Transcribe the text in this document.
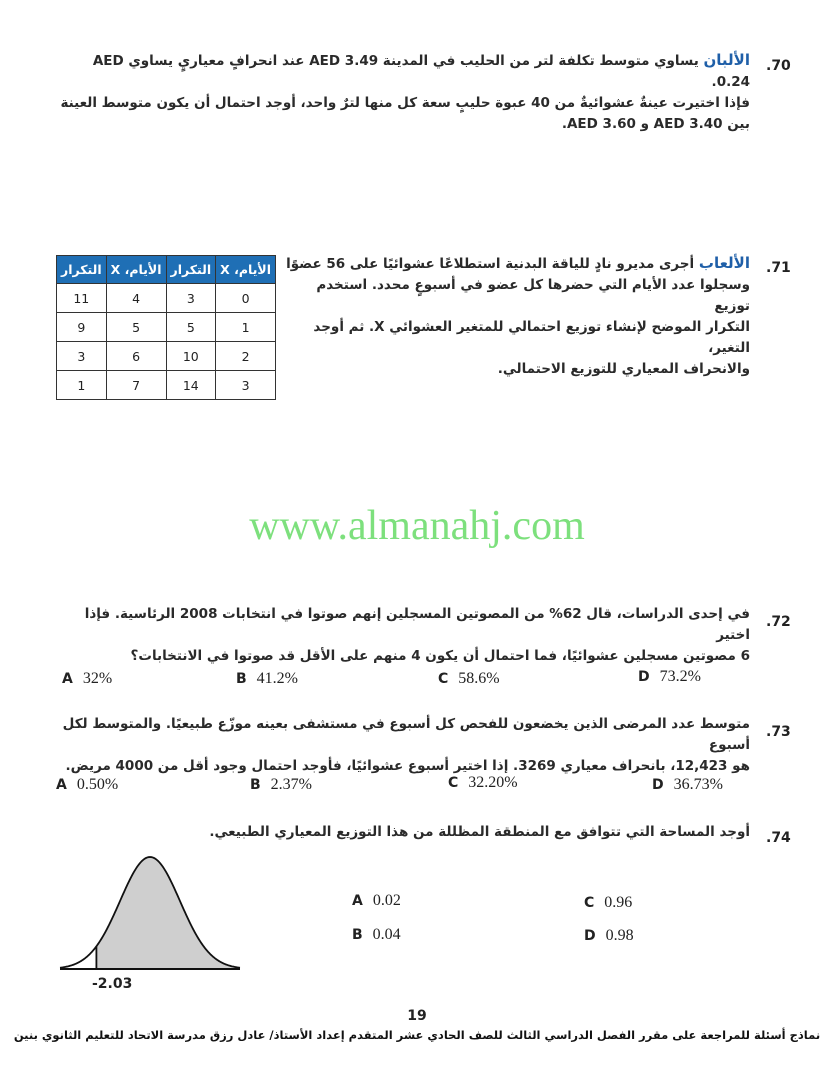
.70
الألبان يساوي متوسط تكلفة لتر من الحليب في المدينة AED 3.49 عند انحرافٍ معياريٍ يساوي AED 0.24.
فإذا اختيرت عينةٌ عشوائيةٌ من 40 عبوة حليبٍ سعة كل منها لترٌ واحد، أوجد احتمال أن يكون متوسط العينة
بين AED 3.40 و AED 3.60.
.71
الألعاب أجرى مديرو نادٍ للياقة البدنية استطلاعًا عشوائيًا على 56 عضوًا
وسجلوا عدد الأيام التي حضرها كل عضو في أسبوعٍ محدد. استخدم توزيع
التكرار الموضح لإنشاء توزيع احتمالي للمتغير العشوائي X. ثم أوجد التغير،
والانحراف المعياري للتوزيع الاحتمالي.
الأيام، X	التكرار	الأيام، X	التكرار
0	3	4	11
1	5	5	9
2	10	6	3
3	14	7	1
www.almanahj.com
.72
في إحدى الدراسات، قال 62% من المصوتين المسجلين إنهم صوتوا في انتخابات 2008 الرئاسية. فإذا اختير
6 مصوتين مسجلين عشوائيًا، فما احتمال أن يكون 4 منهم على الأقل قد صوتوا في الانتخابات؟
A 32%	B 41.2%	C 58.6%	D 73.2%
.73
متوسط عدد المرضى الذين يخضعون للفحص كل أسبوع في مستشفى بعينه موزّع طبيعيًا. والمتوسط لكل أسبوع
هو 12,423، بانحراف معياري 3269. إذا اختير أسبوع عشوائيًا، فأوجد احتمال وجود أقل من 4000 مريض.
A 0.50%	B 2.37%	C 32.20%	D 36.73%
.74
أوجد المساحة التي تتوافق مع المنطقة المظللة من هذا التوزيع المعياري الطبيعي.
-2.03
A 0.02
B 0.04
C 0.96
D 0.98
19
نماذج أسئلة للمراجعة على مقرر الفصل الدراسي الثالث للصف الحادي عشر المتقدم إعداد الأستاذ/ عادل رزق مدرسة الاتحاد للتعليم الثانوي بنين
